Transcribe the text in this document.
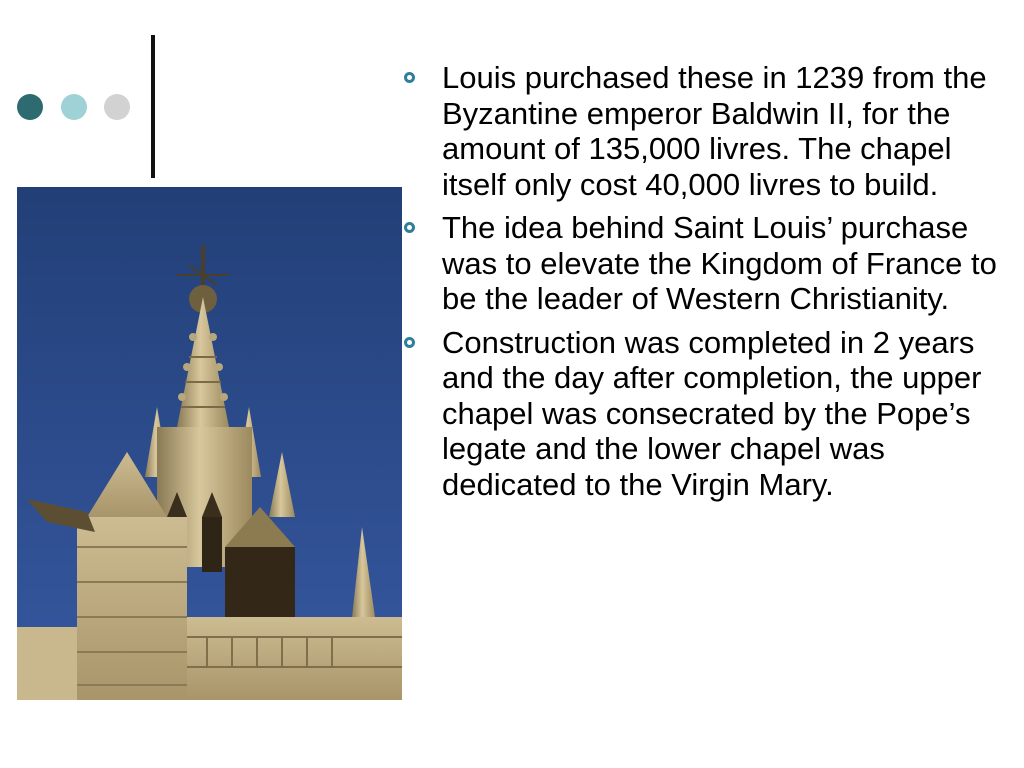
Louis purchased these in 1239 from the Byzantine emperor Baldwin II, for the amount of 135,000 livres. The chapel itself only cost 40,000 livres to build.
The idea behind Saint Louis’ purchase was to elevate the Kingdom of France to be the leader of Western Christianity.
Construction was completed in 2 years and the day after completion, the upper chapel was consecrated by the Pope’s legate and the lower chapel was dedicated to the Virgin Mary.
